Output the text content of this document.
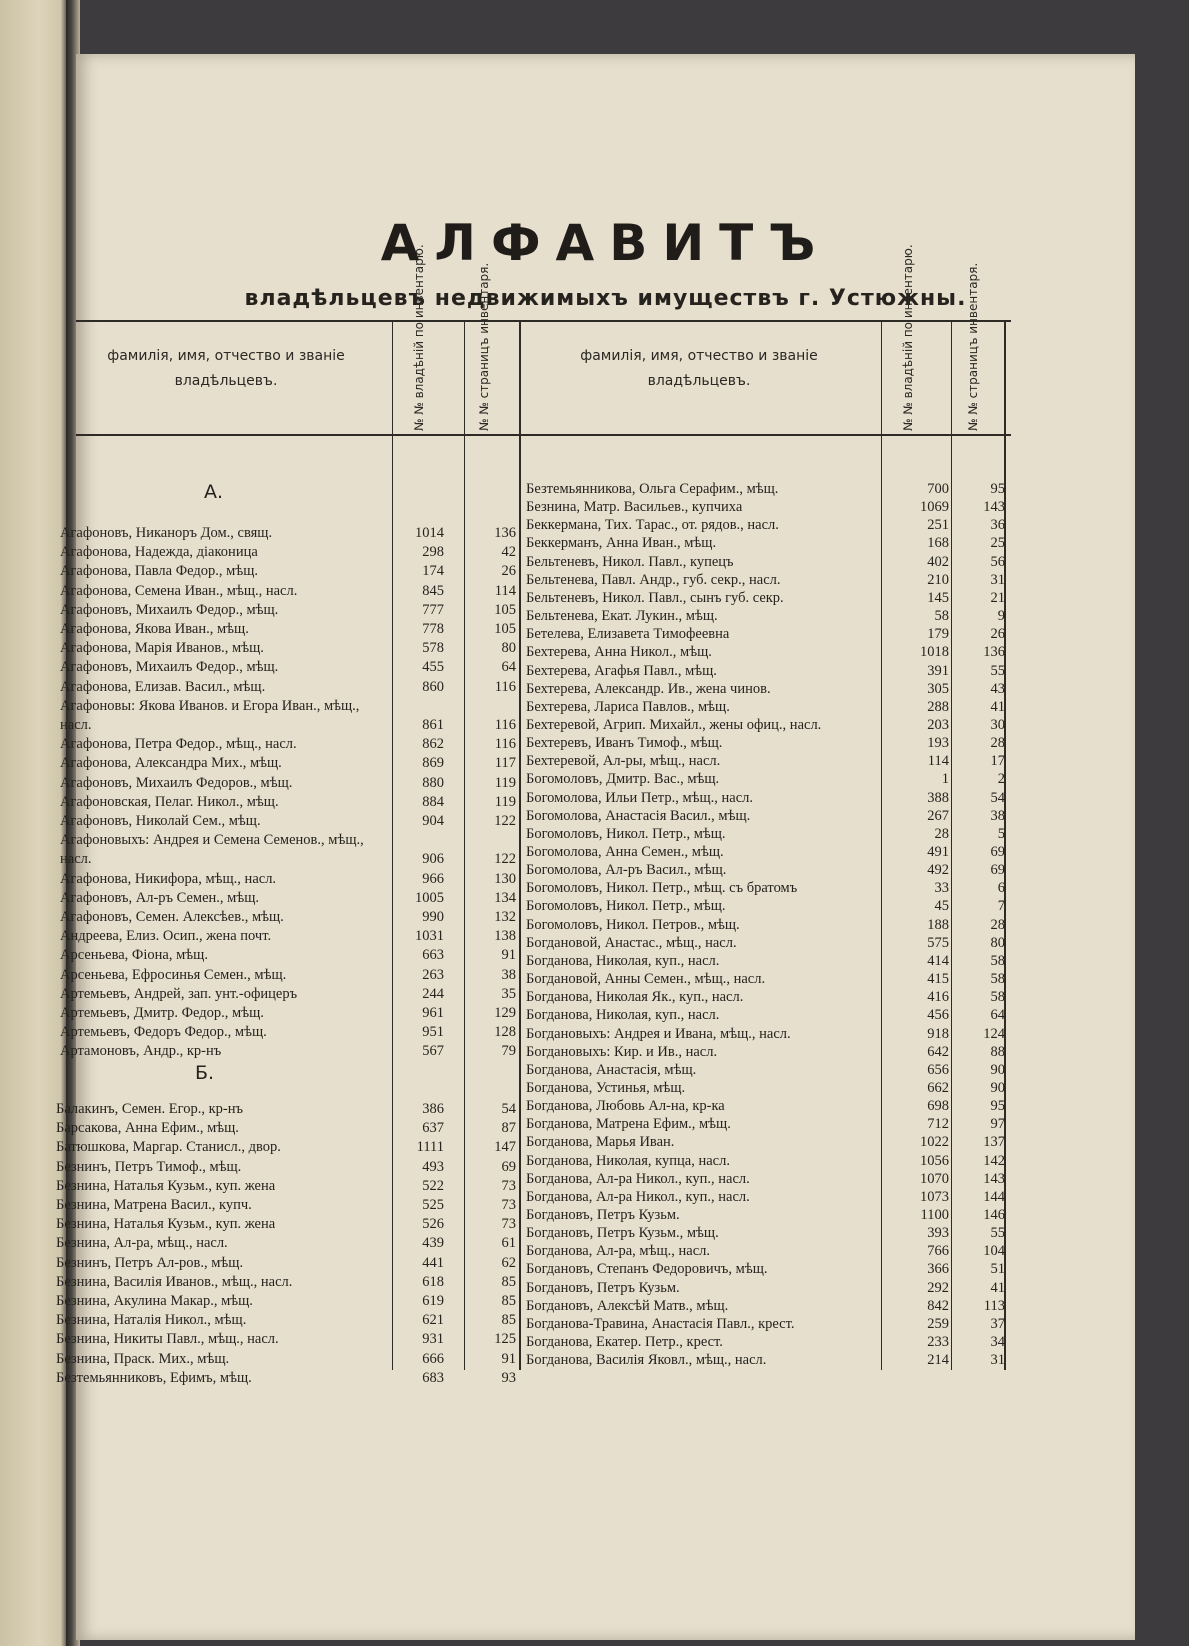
АЛФАВИТЪ
владѣльцевъ недвижимыхъ имуществъ г. Устюжны.
фамилія, имя, отчество и званіе владѣльцевъ.	№ № владѣній по инвентарю.	№ № страницъ инвентаря.	фамилія, имя, отчество и званіе владѣльцевъ.	№ № владѣній по инвентарю.	№ № страницъ инвентаря.
А.
Б.
Агафоновъ, Никаноръ Дом., свящ.	1014	136
Агафонова, Надежда, діаконица	298	42
Агафонова, Павла Федор., мѣщ.	174	26
Агафонова, Семена Иван., мѣщ., насл.	845	114
Агафоновъ, Михаилъ Федор., мѣщ.	777	105
Агафонова, Якова Иван., мѣщ.	778	105
Агафонова, Марія Иванов., мѣщ.	578	80
Агафоновъ, Михаилъ Федор., мѣщ.	455	64
Агафонова, Елизав. Васил., мѣщ.	860	116
Агафоновы: Якова Иванов. и Егора Иван., мѣщ.,
насл.	861	116
Агафонова, Петра Федор., мѣщ., насл.	862	116
Агафонова, Александра Мих., мѣщ.	869	117
Агафоновъ, Михаилъ Федоров., мѣщ.	880	119
Агафоновская, Пелаг. Никол., мѣщ.	884	119
Агафоновъ, Николай Сем., мѣщ.	904	122
Агафоновыхъ: Андрея и Семена Семенов., мѣщ.,
насл.	906	122
Агафонова, Никифора, мѣщ., насл.	966	130
Агафоновъ, Ал-ръ Семен., мѣщ.	1005	134
Агафоновъ, Семен. Алексѣев., мѣщ.	990	132
Андреева, Елиз. Осип., жена почт.	1031	138
Арсеньева, Фіона, мѣщ.	663	91
Арсеньева, Ефросинья Семен., мѣщ.	263	38
Артемьевъ, Андрей, зап. унт.-офицеръ	244	35
Артемьевъ, Дмитр. Федор., мѣщ.	961	129
Артемьевъ, Федоръ Федор., мѣщ.	951	128
Артамоновъ, Андр., кр-нъ	567	79
Балакинъ, Семен. Егор., кр-нъ	386	54
Барсакова, Анна Ефим., мѣщ.	637	87
Батюшкова, Маргар. Станисл., двор.	1111	147
Безнинъ, Петръ Тимоф., мѣщ.	493	69
Безнина, Наталья Кузьм., куп. жена	522	73
Безнина, Матрена Васил., купч.	525	73
Безнина, Наталья Кузьм., куп. жена	526	73
Безнина, Ал-ра, мѣщ., насл.	439	61
Безнинъ, Петръ Ал-ров., мѣщ.	441	62
Безнина, Василія Иванов., мѣщ., насл.	618	85
Безнина, Акулина Макар., мѣщ.	619	85
Безнина, Наталія Никол., мѣщ.	621	85
Безнина, Никиты Павл., мѣщ., насл.	931	125
Безнина, Праск. Мих., мѣщ.	666	91
Безтемьянниковъ, Ефимъ, мѣщ.	683	93
Безтемьянникова, Ольга Серафим., мѣщ.	700	95
Безнина, Матр. Васильев., купчиха	1069	143
Беккермана, Тих. Тарас., от. рядов., насл.	251	36
Беккерманъ, Анна Иван., мѣщ.	168	25
Бельтеневъ, Никол. Павл., купецъ	402	56
Бельтенева, Павл. Андр., губ. секр., насл.	210	31
Бельтеневъ, Никол. Павл., сынъ губ. секр.	145	21
Бельтенева, Екат. Лукин., мѣщ.	58	9
Бетелева, Елизавета Тимофеевна	179	26
Бехтерева, Анна Никол., мѣщ.	1018	136
Бехтерева, Агафья Павл., мѣщ.	391	55
Бехтерева, Александр. Ив., жена чинов.	305	43
Бехтерева, Лариса Павлов., мѣщ.	288	41
Бехтеревой, Агрип. Михайл., жены офиц., насл.	203	30
Бехтеревъ, Иванъ Тимоф., мѣщ.	193	28
Бехтеревой, Ал-ры, мѣщ., насл.	114	17
Богомоловъ, Дмитр. Вас., мѣщ.	1	2
Богомолова, Ильи Петр., мѣщ., насл.	388	54
Богомолова, Анастасія Васил., мѣщ.	267	38
Богомоловъ, Никол. Петр., мѣщ.	28	5
Богомолова, Анна Семен., мѣщ.	491	69
Богомолова, Ал-ръ Васил., мѣщ.	492	69
Богомоловъ, Никол. Петр., мѣщ. съ братомъ	33	6
Богомоловъ, Никол. Петр., мѣщ.	45	7
Богомоловъ, Никол. Петров., мѣщ.	188	28
Богдановой, Анастас., мѣщ., насл.	575	80
Богданова, Николая, куп., насл.	414	58
Богдановой, Анны Семен., мѣщ., насл.	415	58
Богданова, Николая Як., куп., насл.	416	58
Богданова, Николая, куп., насл.	456	64
Богдановыхъ: Андрея и Ивана, мѣщ., насл.	918	124
Богдановыхъ: Кир. и Ив., насл.	642	88
Богданова, Анастасія, мѣщ.	656	90
Богданова, Устинья, мѣщ.	662	90
Богданова, Любовь Ал-на, кр-ка	698	95
Богданова, Матрена Ефим., мѣщ.	712	97
Богданова, Марья Иван.	1022	137
Богданова, Николая, купца, насл.	1056	142
Богданова, Ал-ра Никол., куп., насл.	1070	143
Богданова, Ал-ра Никол., куп., насл.	1073	144
Богдановъ, Петръ Кузьм.	1100	146
Богдановъ, Петръ Кузьм., мѣщ.	393	55
Богданова, Ал-ра, мѣщ., насл.	766	104
Богдановъ, Степанъ Федоровичъ, мѣщ.	366	51
Богдановъ, Петръ Кузьм.	292	41
Богдановъ, Алексѣй Матв., мѣщ.	842	113
Богданова-Травина, Анастасія Павл., крест.	259	37
Богданова, Екатер. Петр., крест.	233	34
Богданова, Василія Яковл., мѣщ., насл.	214	31
